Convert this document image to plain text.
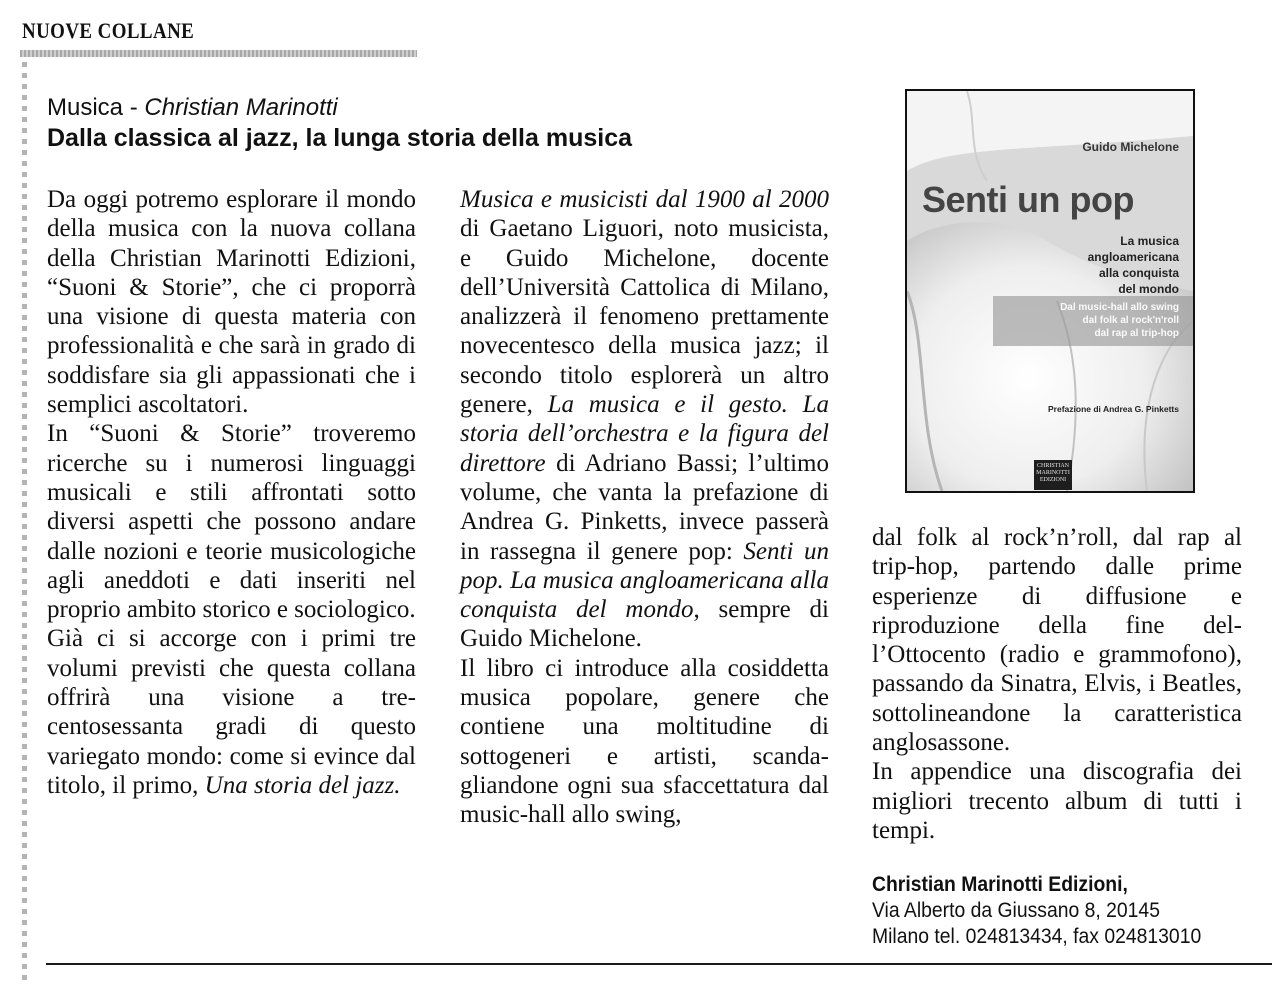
NUOVE COLLANE
Musica - Christian Marinotti
Dalla classica al jazz, la lunga storia della musica

Da oggi potremo esplorare il mondo della musica con la nuova collana della Christian Marinotti Edizioni, “Suoni & Storie”, che ci proporrà una visione di questa materia con professionalità e che sarà in grado di soddisfare sia gli appassionati che i semplici ascoltatori.

In “Suoni & Storie” troveremo ricerche su i numerosi linguaggi musicali e stili affrontati sotto diversi aspetti che possono andare dalle nozioni e teorie musicologiche agli aneddoti e dati inseriti nel proprio ambito storico e sociologico.

Già ci si accorge con i primi tre volumi previsti che questa collana offrirà una visione a trecentosessanta gradi di questo variegato mondo: come si evince dal titolo, il primo, Una storia del jazz.

Musica e musicisti dal 1900 al 2000 di Gaetano Liguori, noto musicista, e Guido Michelone, docente dell’Università Cattolica di Milano, analizzerà il fenomeno prettamente novecentesco della musica jazz; il secondo titolo esplorerà un altro genere, La musica e il gesto. La storia dell’orchestra e la figura del direttore di Adriano Bassi; l’ultimo volume, che vanta la prefazione di Andrea G. Pinketts, invece passerà in rassegna il genere pop: Senti un pop. La musica angloamericana alla conquista del mondo, sempre di Guido Michelone.

Il libro ci introduce alla cosiddetta musica popolare, genere che contiene una moltitudine di sottogeneri e artisti, scandagliandone ogni sua sfaccettatura dal music-hall allo swing,

Guido Michelone
Senti un pop
La musica
angloamericana
alla conquista
del mondo
Dal music-hall allo swing
dal folk al rock'n'roll
dal rap al trip-hop
Prefazione di Andrea G. Pinketts
CHRISTIAN
MARINOTTI
EDIZIONI

dal folk al rock’n’roll, dal rap al trip-hop, partendo dalle prime esperienze di diffusione e riproduzione della fine dell’Ottocento (radio e grammofono), passando da Sinatra, Elvis, i Beatles, sottolineandone la caratteristica anglosassone.

In appendice una discografia dei migliori trecento album di tutti i tempi.

Christian Marinotti Edizioni,
Via Alberto da Giussano 8, 20145
Milano tel. 024813434, fax 024813010
